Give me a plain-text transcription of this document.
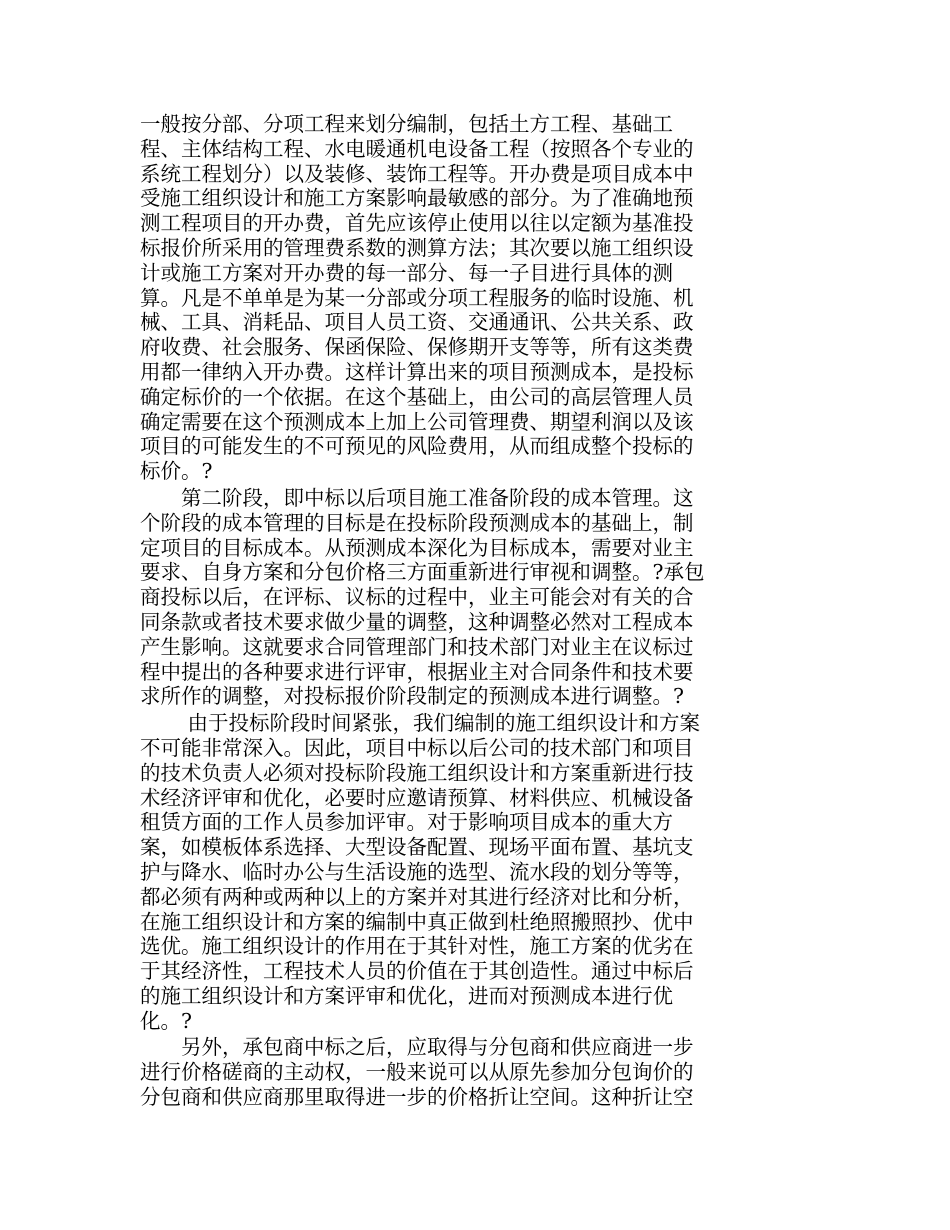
一般按分部、分项工程来划分编制，包括土方工程、基础工
程、主体结构工程、水电暖通机电设备工程（按照各个专业的
系统工程划分）以及装修、装饰工程等。开办费是项目成本中
受施工组织设计和施工方案影响最敏感的部分。为了准确地预
测工程项目的开办费，首先应该停止使用以往以定额为基准投
标报价所采用的管理费系数的测算方法；其次要以施工组织设
计或施工方案对开办费的每一部分、每一子目进行具体的测
算。凡是不单单是为某一分部或分项工程服务的临时设施、机
械、工具、消耗品、项目人员工资、交通通讯、公共关系、政
府收费、社会服务、保函保险、保修期开支等等，所有这类费
用都一律纳入开办费。这样计算出来的项目预测成本，是投标
确定标价的一个依据。在这个基础上，由公司的高层管理人员
确定需要在这个预测成本上加上公司管理费、期望利润以及该
项目的可能发生的不可预见的风险费用，从而组成整个投标的
标价。?
　　第二阶段，即中标以后项目施工准备阶段的成本管理。这
个阶段的成本管理的目标是在投标阶段预测成本的基础上，制
定项目的目标成本。从预测成本深化为目标成本，需要对业主
要求、自身方案和分包价格三方面重新进行审视和调整。?承包
商投标以后，在评标、议标的过程中，业主可能会对有关的合
同条款或者技术要求做少量的调整，这种调整必然对工程成本
产生影响。这就要求合同管理部门和技术部门对业主在议标过
程中提出的各种要求进行评审，根据业主对合同条件和技术要
求所作的调整，对投标报价阶段制定的预测成本进行调整。?
　　 由于投标阶段时间紧张，我们编制的施工组织设计和方案
不可能非常深入。因此，项目中标以后公司的技术部门和项目
的技术负责人必须对投标阶段施工组织设计和方案重新进行技
术经济评审和优化，必要时应邀请预算、材料供应、机械设备
租赁方面的工作人员参加评审。对于影响项目成本的重大方
案，如模板体系选择、大型设备配置、现场平面布置、基坑支
护与降水、临时办公与生活设施的选型、流水段的划分等等，
都必须有两种或两种以上的方案并对其进行经济对比和分析，
在施工组织设计和方案的编制中真正做到杜绝照搬照抄、优中
选优。施工组织设计的作用在于其针对性，施工方案的优劣在
于其经济性，工程技术人员的价值在于其创造性。通过中标后
的施工组织设计和方案评审和优化，进而对预测成本进行优
化。?
　　另外，承包商中标之后，应取得与分包商和供应商进一步
进行价格磋商的主动权，一般来说可以从原先参加分包询价的
分包商和供应商那里取得进一步的价格折让空间。这种折让空
